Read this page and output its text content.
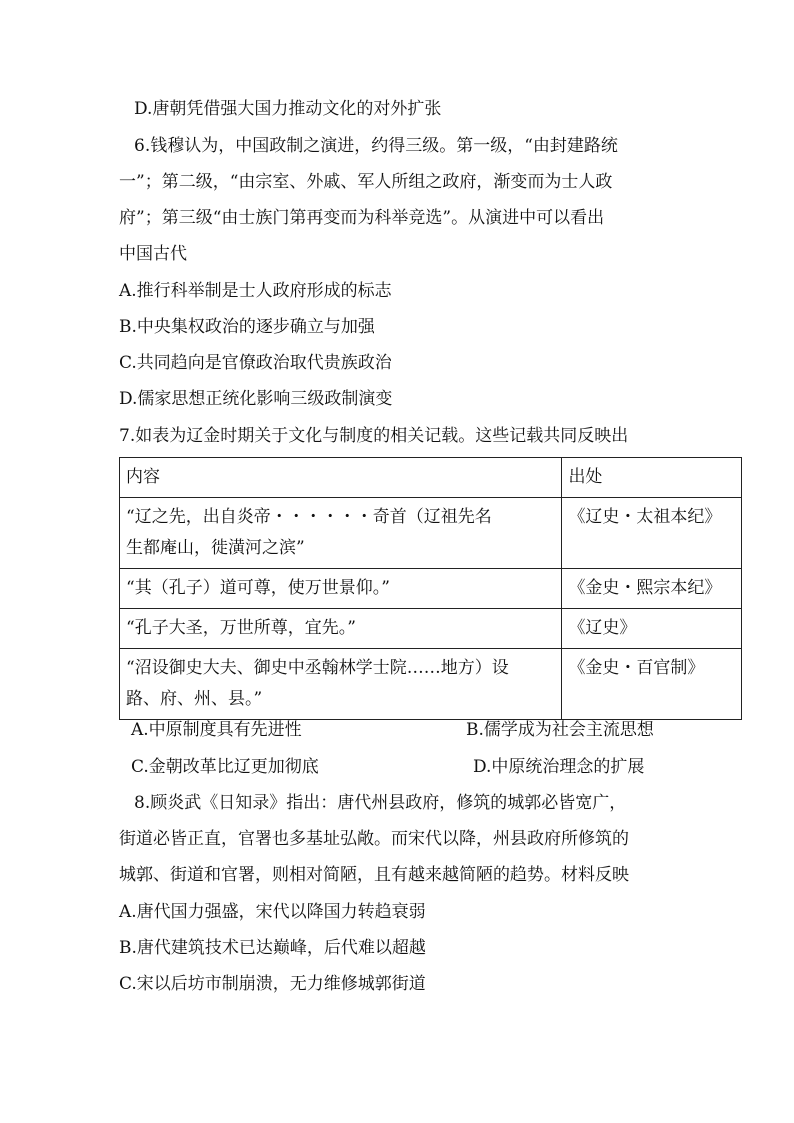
D.唐朝凭借强大国力推动文化的对外扩张
6.钱穆认为，中国政制之演进，约得三级。第一级，“由封建路统
一”；第二级，“由宗室、外戚、军人所组之政府，渐变而为士人政
府”；第三级“由士族门第再变而为科举竞选”。从演进中可以看出
中国古代
A.推行科举制是士人政府形成的标志
B.中央集权政治的逐步确立与加强
C.共同趋向是官僚政治取代贵族政治
D.儒家思想正统化影响三级政制演变
7.如表为辽金时期关于文化与制度的相关记载。这些记载共同反映出
内容	出处

“辽之先，出自炎帝・・・・・・奇首（辽祖先名
生都庵山，徙潢河之滨”	《辽史・太祖本纪》

“其（孔子）道可尊，使万世景仰。”	《金史・熙宗本纪》

“孔子大圣，万世所尊，宜先。”	《辽史》

“沼设御史大夫、御史中丞翰林学士院……地方）设
路、府、州、县。”	《金史・百官制》
A.中原制度具有先进性	B.儒学成为社会主流思想
C.金朝改革比辽更加彻底	D.中原统治理念的扩展
8.顾炎武《日知录》指出：唐代州县政府，修筑的城郭必皆宽广，
街道必皆正直，官署也多基址弘敞。而宋代以降，州县政府所修筑的
城郭、街道和官署，则相对简陋，且有越来越简陋的趋势。材料反映
A.唐代国力强盛，宋代以降国力转趋衰弱
B.唐代建筑技术已达巅峰，后代难以超越
C.宋以后坊市制崩溃，无力维修城郭街道
